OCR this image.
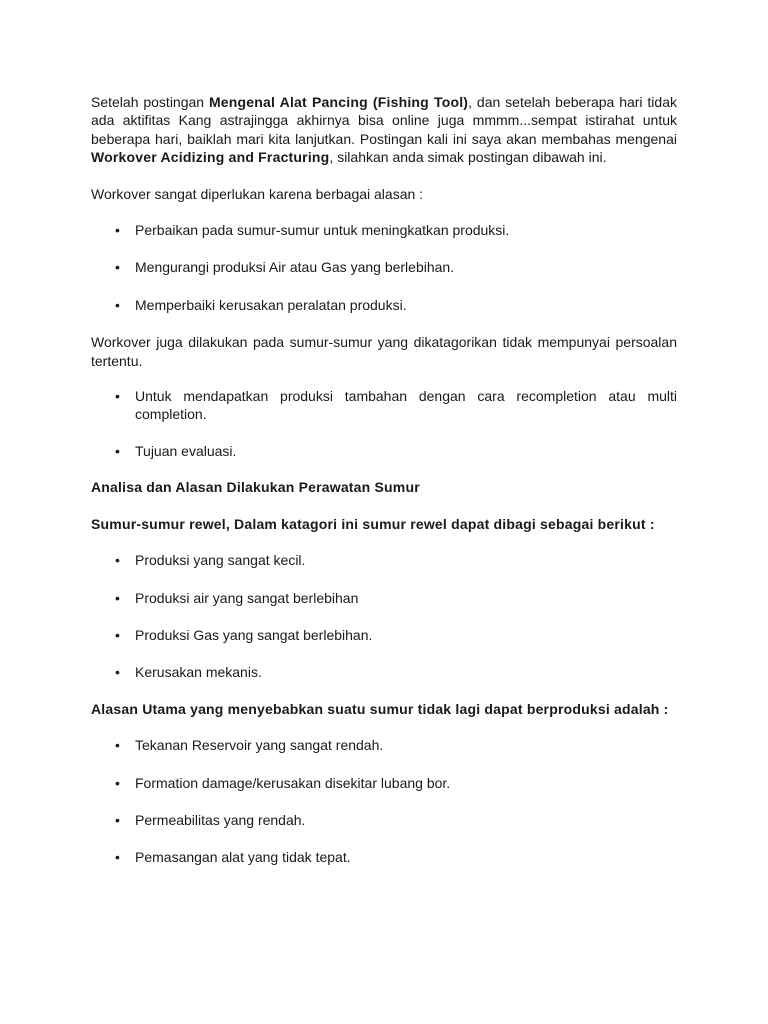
Setelah postingan Mengenal Alat Pancing (Fishing Tool), dan setelah beberapa hari tidak ada aktifitas Kang astrajingga akhirnya bisa online juga mmmm...sempat istirahat untuk beberapa hari, baiklah mari kita lanjutkan. Postingan kali ini saya akan membahas mengenai Workover Acidizing and Fracturing, silahkan anda simak postingan dibawah ini.

Workover sangat diperlukan karena berbagai alasan :

• Perbaikan pada sumur-sumur untuk meningkatkan produksi.
• Mengurangi produksi Air atau Gas yang berlebihan.
• Memperbaiki kerusakan peralatan produksi.

Workover juga dilakukan pada sumur-sumur yang dikatagorikan tidak mempunyai persoalan tertentu.

• Untuk mendapatkan produksi tambahan dengan cara recompletion atau multi completion.
• Tujuan evaluasi.

Analisa dan Alasan Dilakukan Perawatan Sumur

Sumur-sumur rewel, Dalam katagori ini sumur rewel dapat dibagi sebagai berikut :

• Produksi yang sangat kecil.
• Produksi air yang sangat berlebihan
• Produksi Gas yang sangat berlebihan.
• Kerusakan mekanis.

Alasan Utama yang menyebabkan suatu sumur tidak lagi dapat berproduksi adalah :

• Tekanan Reservoir yang sangat rendah.
• Formation damage/kerusakan disekitar lubang bor.
• Permeabilitas yang rendah.
• Pemasangan alat yang tidak tepat.
